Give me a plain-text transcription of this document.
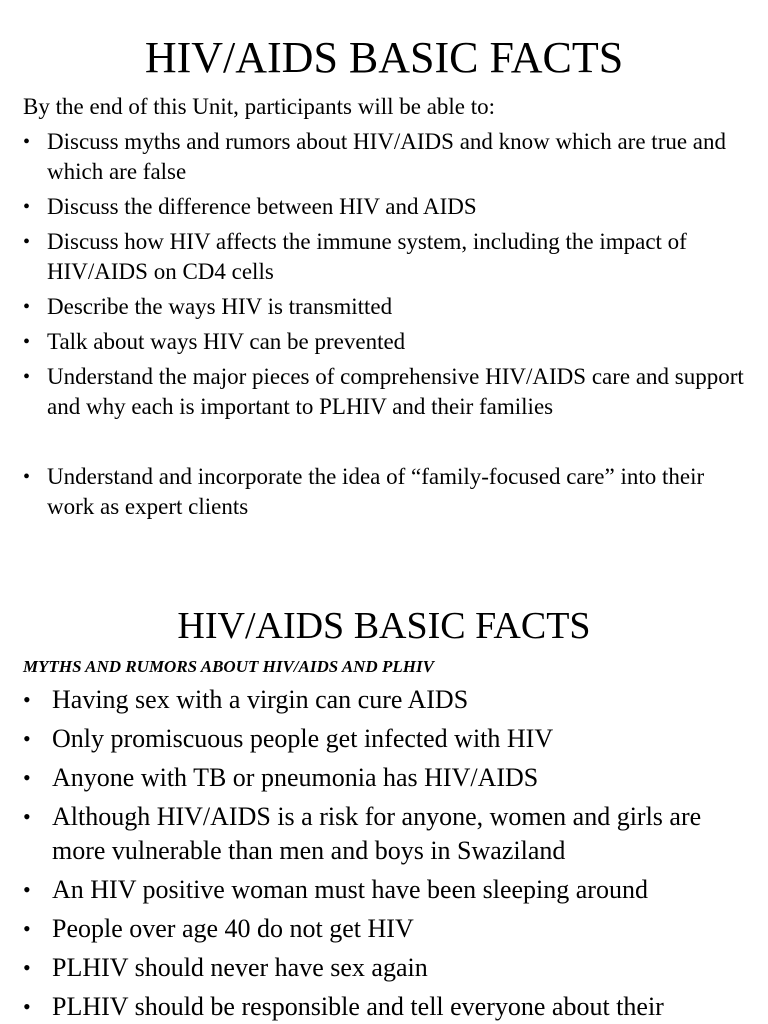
HIV/AIDS BASIC FACTS

By the end of this Unit, participants will be able to:

• Discuss myths and rumors about HIV/AIDS and know which are true and which are false
• Discuss the difference between HIV and AIDS
• Discuss how HIV affects the immune system, including the impact of HIV/AIDS on CD4 cells
• Describe the ways HIV is transmitted
• Talk about ways HIV can be prevented
• Understand the major pieces of comprehensive HIV/AIDS care and support and why each is important to PLHIV and their families
• Understand and incorporate the idea of “family-focused care” into their work as expert clients
HIV/AIDS BASIC FACTS

MYTHS AND RUMORS ABOUT HIV/AIDS AND PLHIV

• Having sex with a virgin can cure AIDS
• Only promiscuous people get infected with HIV
• Anyone with TB or pneumonia has HIV/AIDS
• Although HIV/AIDS is a risk for anyone, women and girls are more vulnerable than men and boys in Swaziland
• An HIV positive woman must have been sleeping around
• People over age 40 do not get HIV
• PLHIV should never have sex again
• PLHIV should be responsible and tell everyone about their
